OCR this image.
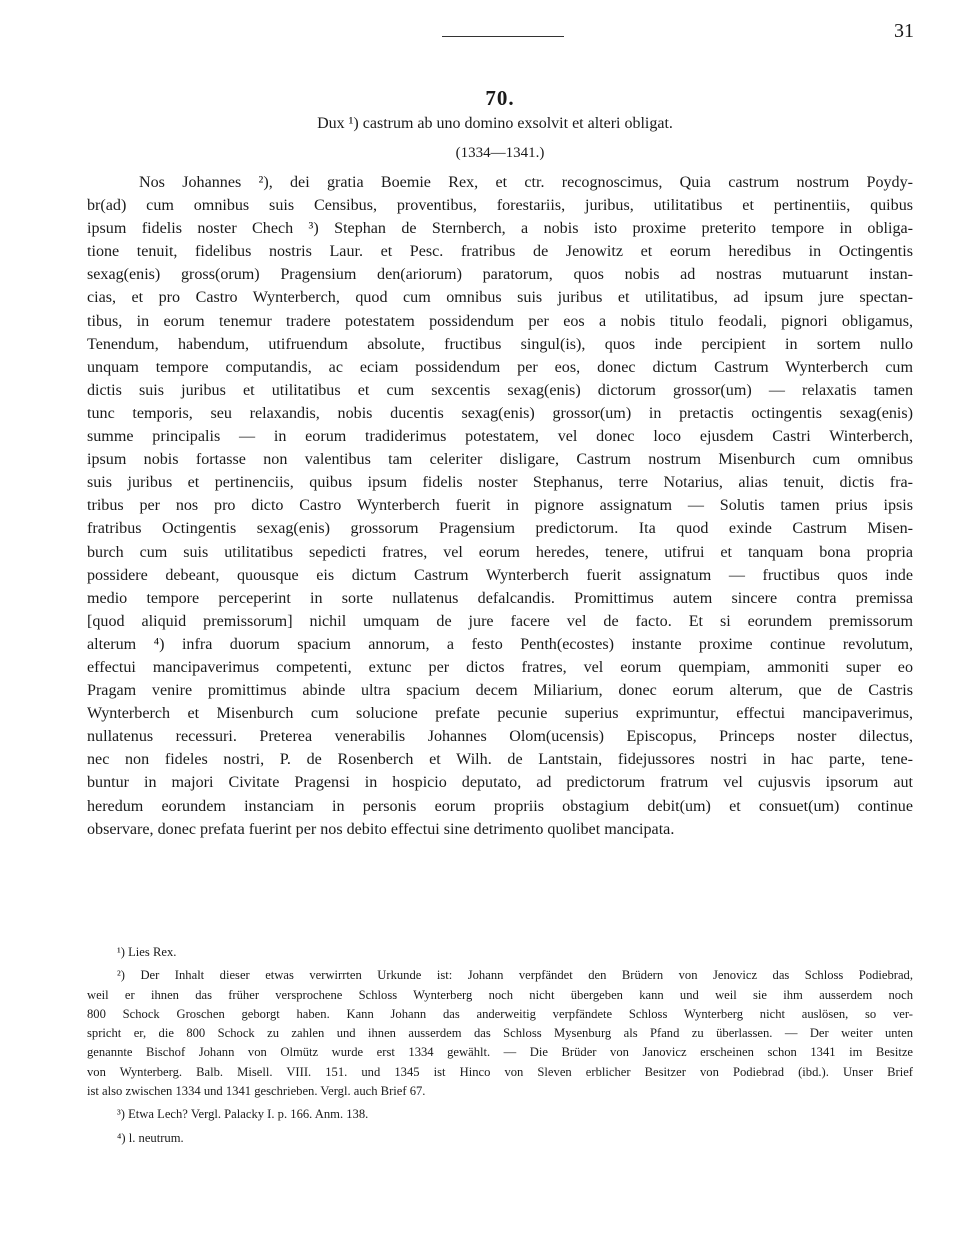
31
70.
Dux ¹) castrum ab uno domino exsolvit et alteri obligat.
(1334—1341.)
Nos Johannes ²), dei gratia Boemie Rex, et ctr. recognoscimus, Quia castrum nostrum Poydy-
br(ad) cum omnibus suis Censibus, proventibus, forestariis, juribus, utilitatibus et pertinentiis, quibus
ipsum fidelis noster Chech ³) Stephan de Sternberch, a nobis isto proxime preterito tempore in obliga-
tione tenuit, fidelibus nostris Laur. et Pesc. fratribus de Jenowitz et eorum heredibus in Octingentis
sexag(enis) gross(orum) Pragensium den(ariorum) paratorum, quos nobis ad nostras mutuarunt instan-
cias, et pro Castro Wynterberch, quod cum omnibus suis juribus et utilitatibus, ad ipsum jure spectan-
tibus, in eorum tenemur tradere potestatem possidendum per eos a nobis titulo feodali, pignori obligamus,
Tenendum, habendum, utifruendum absolute, fructibus singul(is), quos inde percipient in sortem nullo
unquam tempore computandis, ac eciam possidendum per eos, donec dictum Castrum Wynterberch cum
dictis suis juribus et utilitatibus et cum sexcentis sexag(enis) dictorum grossor(um) — relaxatis tamen
tunc temporis, seu relaxandis, nobis ducentis sexag(enis) grossor(um) in pretactis octingentis sexag(enis)
summe principalis — in eorum tradiderimus potestatem, vel donec loco ejusdem Castri Winterberch,
ipsum nobis fortasse non valentibus tam celeriter disligare, Castrum nostrum Misenburch cum omnibus
suis juribus et pertinenciis, quibus ipsum fidelis noster Stephanus, terre Notarius, alias tenuit, dictis fra-
tribus per nos pro dicto Castro Wynterberch fuerit in pignore assignatum — Solutis tamen prius ipsis
fratribus Octingentis sexag(enis) grossorum Pragensium predictorum. Ita quod exinde Castrum Misen-
burch cum suis utilitatibus sepedicti fratres, vel eorum heredes, tenere, utifrui et tanquam bona propria
possidere debeant, quousque eis dictum Castrum Wynterberch fuerit assignatum — fructibus quos inde
medio tempore perceperint in sorte nullatenus defalcandis. Promittimus autem sincere contra premissa
[quod aliquid premissorum] nichil umquam de jure facere vel de facto. Et si eorundem premissorum
alterum ⁴) infra duorum spacium annorum, a festo Penth(ecostes) instante proxime continue revolutum,
effectui mancipaverimus competenti, extunc per dictos fratres, vel eorum quempiam, ammoniti super eo
Pragam venire promittimus abinde ultra spacium decem Miliarium, donec eorum alterum, que de Castris
Wynterberch et Misenburch cum solucione prefate pecunie superius exprimuntur, effectui mancipaverimus,
nullatenus recessuri. Preterea venerabilis Johannes Olom(ucensis) Episcopus, Princeps noster dilectus,
nec non fideles nostri, P. de Rosenberch et Wilh. de Lantstain, fidejussores nostri in hac parte, tene-
buntur in majori Civitate Pragensi in hospicio deputato, ad predictorum fratrum vel cujusvis ipsorum aut
heredum eorundem instanciam in personis eorum propriis obstagium debit(um) et consuet(um) continue
observare, donec prefata fuerint per nos debito effectui sine detrimento quolibet mancipata.
¹) Lies Rex.
²) Der Inhalt dieser etwas verwirrten Urkunde ist: Johann verpfändet den Brüdern von Jenovicz das Schloss Podiebrad,
weil er ihnen das früher versprochene Schloss Wynterberg noch nicht übergeben kann und weil sie ihm ausserdem noch
800 Schock Groschen geborgt haben. Kann Johann das anderweitig verpfändete Schloss Wynterberg nicht auslösen, so ver-
spricht er, die 800 Schock zu zahlen und ihnen ausserdem das Schloss Mysenburg als Pfand zu überlassen. — Der weiter unten
genannte Bischof Johann von Olmütz wurde erst 1334 gewählt. — Die Brüder von Janovicz erscheinen schon 1341 im Besitze
von Wynterberg. Balb. Misell. VIII. 151. und 1345 ist Hinco von Sleven erblicher Besitzer von Podiebrad (ibd.). Unser Brief
ist also zwischen 1334 und 1341 geschrieben. Vergl. auch Brief 67.
³) Etwa Lech? Vergl. Palacky I. p. 166. Anm. 138.
⁴) l. neutrum.
